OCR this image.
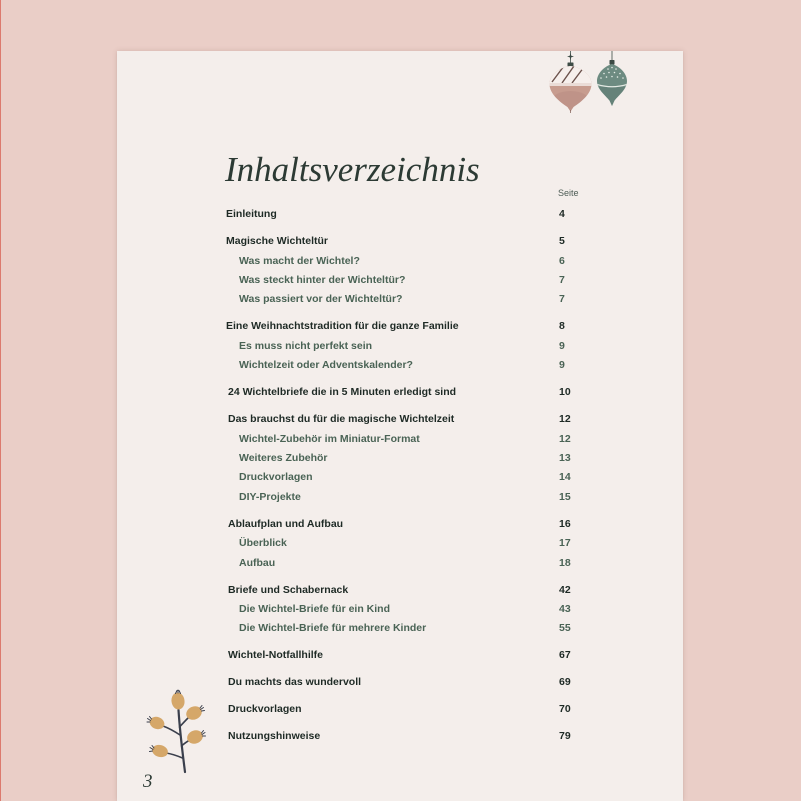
Inhaltsverzeichnis
Seite
Einleitung	4
Magische Wichteltür	5
Was macht der Wichtel?	6
Was steckt hinter der Wichteltür?	7
Was passiert vor der Wichteltür?	7
Eine Weihnachtstradition für die ganze Familie	8
Es muss nicht perfekt sein	9
Wichtelzeit oder Adventskalender?	9
24 Wichtelbriefe die in 5 Minuten erledigt sind	10
Das brauchst du für die magische Wichtelzeit	12
Wichtel-Zubehör im Miniatur-Format	12
Weiteres Zubehör	13
Druckvorlagen	14
DIY-Projekte	15
Ablaufplan und Aufbau	16
Überblick	17
Aufbau	18
Briefe und Schabernack	42
Die Wichtel-Briefe für ein Kind	43
Die Wichtel-Briefe für mehrere Kinder	55
Wichtel-Notfallhilfe	67
Du machts das wundervoll	69
Druckvorlagen	70
Nutzungshinweise	79
3
